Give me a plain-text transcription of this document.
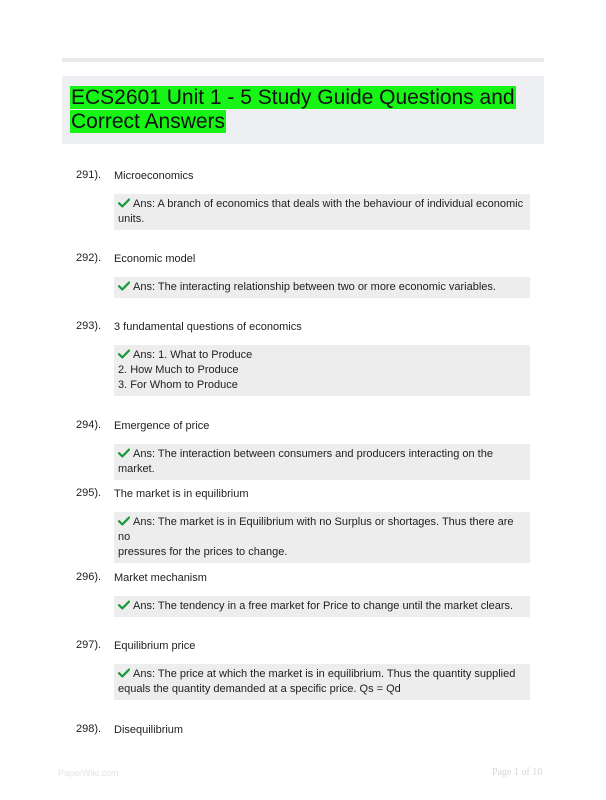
ECS2601 Unit 1 - 5 Study Guide Questions and Correct Answers
291). Microeconomics
Ans: A branch of economics that deals with the behaviour of individual economic
units.
292). Economic model
Ans: The interacting relationship between two or more economic variables.
293). 3 fundamental questions of economics
Ans: 1. What to Produce
2. How Much to Produce
3. For Whom to Produce
294). Emergence of price
Ans: The interaction between consumers and producers interacting on the market.
295). The market is in equilibrium
Ans: The market is in Equilibrium with no Surplus or shortages. Thus there are no
pressures for the prices to change.
296). Market mechanism
Ans: The tendency in a free market for Price to change until the market clears.
297). Equilibrium price
Ans: The price at which the market is in equilibrium. Thus the quantity supplied
equals the quantity demanded at a specific price. Qs = Qd
298). Disequilibrium
PaperWiki.com	Page 1 of 10
